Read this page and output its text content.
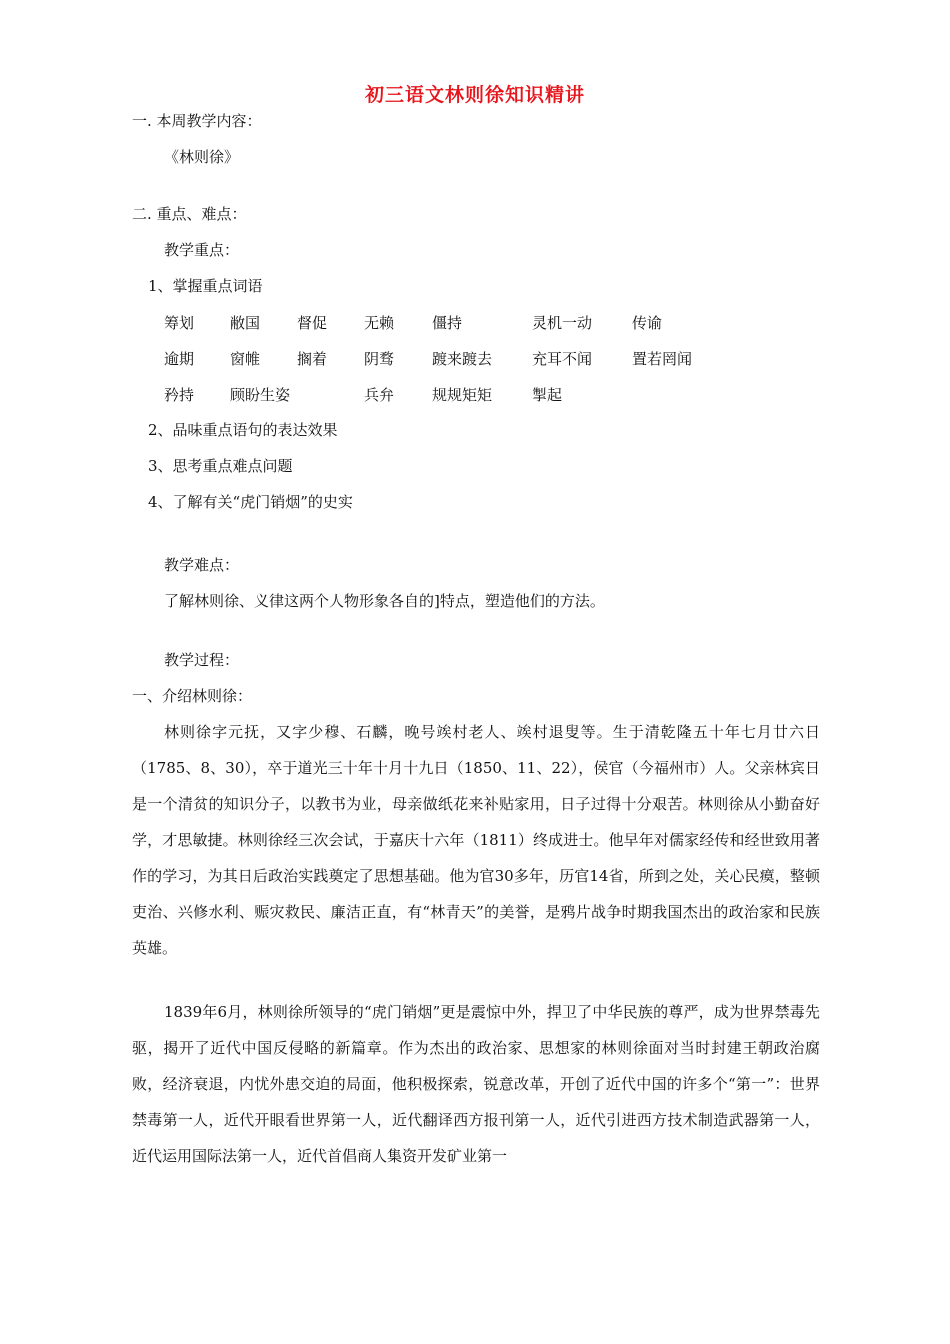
初三语文林则徐知识精讲
一. 本周教学内容：
《林则徐》
二. 重点、难点：
教学重点：
1、掌握重点词语
筹划 敝国 督促 无赖	僵持	灵机一动	传谕
逾期 窗帷 搁着 阴骛	踱来踱去	充耳不闻	置若罔闻
矜持 顾盼生姿	兵弁	规规矩矩	掣起
2、品味重点语句的表达效果
3、思考重点难点问题
4、了解有关“虎门销烟”的史实
教学难点：
了解林则徐、义律这两个人物形象各自的]特点，塑造他们的方法。
教学过程：
一、介绍林则徐：

林则徐字元抚，又字少穆、石麟，晚号竢村老人、竢村退叟等。生于清乾隆五十年七月廿六日（1785、8、30），卒于道光三十年十月十九日（1850、11、22），侯官（今福州市）人。父亲林宾日是一个清贫的知识分子，以教书为业，母亲做纸花来补贴家用，日子过得十分艰苦。林则徐从小勤奋好学，才思敏捷。林则徐经三次会试，于嘉庆十六年（1811）终成进士。他早年对儒家经传和经世致用著作的学习，为其日后政治实践奠定了思想基础。他为官30多年，历官14省，所到之处，关心民瘼，整顿吏治、兴修水利、赈灾救民、廉洁正直，有“林青天”的美誉，是鸦片战争时期我国杰出的政治家和民族英雄。

1839年6月，林则徐所领导的“虎门销烟”更是震惊中外，捍卫了中华民族的尊严，成为世界禁毒先驱，揭开了近代中国反侵略的新篇章。作为杰出的政治家、思想家的林则徐面对当时封建王朝政治腐败，经济衰退，内忧外患交迫的局面，他积极探索，锐意改革，开创了近代中国的许多个“第一”：世界禁毒第一人，近代开眼看世界第一人，近代翻译西方报刊第一人，近代引进西方技术制造武器第一人，近代运用国际法第一人，近代首倡商人集资开发矿业第一
